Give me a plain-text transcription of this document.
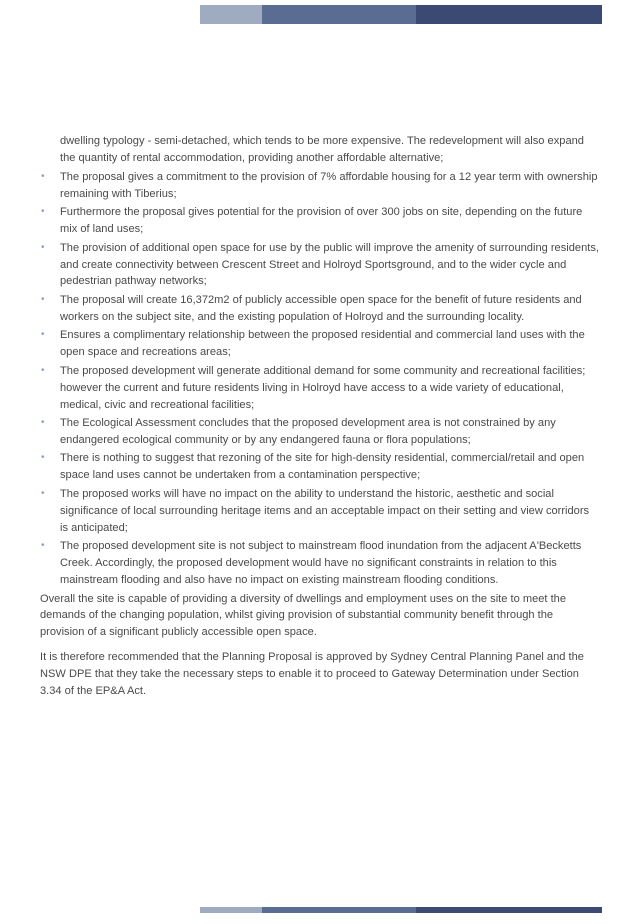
dwelling typology - semi-detached, which tends to be more expensive. The redevelopment will also expand the quantity of rental accommodation, providing another affordable alternative;

• The proposal gives a commitment to the provision of 7% affordable housing for a 12 year term with ownership remaining with Tiberius;
• Furthermore the proposal gives potential for the provision of over 300 jobs on site, depending on the future mix of land uses;
• The provision of additional open space for use by the public will improve the amenity of surrounding residents, and create connectivity between Crescent Street and Holroyd Sportsground, and to the wider cycle and pedestrian pathway networks;
• The proposal will create 16,372m2 of publicly accessible open space for the benefit of future residents and workers on the subject site, and the existing population of Holroyd and the surrounding locality.
• Ensures a complimentary relationship between the proposed residential and commercial land uses with the open space and recreations areas;
• The proposed development will generate additional demand for some community and recreational facilities; however the current and future residents living in Holroyd have access to a wide variety of educational, medical, civic and recreational facilities;
• The Ecological Assessment concludes that the proposed development area is not constrained by any endangered ecological community or by any endangered fauna or flora populations;
• There is nothing to suggest that rezoning of the site for high-density residential, commercial/retail and open space land uses cannot be undertaken from a contamination perspective;
• The proposed works will have no impact on the ability to understand the historic, aesthetic and social significance of local surrounding heritage items and an acceptable impact on their setting and view corridors is anticipated;
• The proposed development site is not subject to mainstream flood inundation from the adjacent A'Becketts Creek. Accordingly, the proposed development would have no significant constraints in relation to this mainstream flooding and also have no impact on existing mainstream flooding conditions.

Overall the site is capable of providing a diversity of dwellings and employment uses on the site to meet the demands of the changing population, whilst giving provision of substantial community benefit through the provision of a significant publicly accessible open space.

It is therefore recommended that the Planning Proposal is approved by Sydney Central Planning Panel and the NSW DPE that they take the necessary steps to enable it to proceed to Gateway Determination under Section 3.34 of the EP&A Act.
